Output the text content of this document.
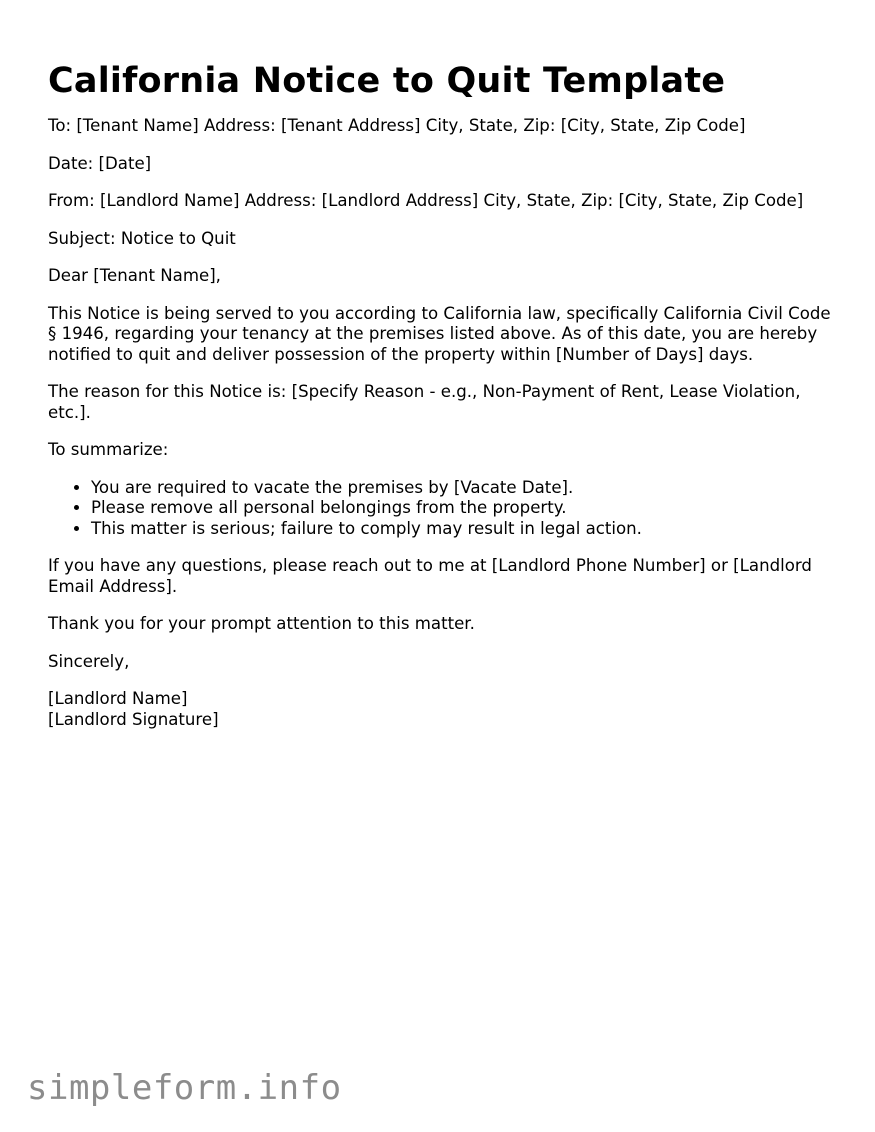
California Notice to Quit Template

To: [Tenant Name] Address: [Tenant Address] City, State, Zip: [City, State, Zip Code]

Date: [Date]

From: [Landlord Name] Address: [Landlord Address] City, State, Zip: [City, State, Zip Code]

Subject: Notice to Quit

Dear [Tenant Name],

This Notice is being served to you according to California law, specifically California Civil Code § 1946, regarding your tenancy at the premises listed above. As of this date, you are hereby notified to quit and deliver possession of the property within [Number of Days] days.

The reason for this Notice is: [Specify Reason - e.g., Non-Payment of Rent, Lease Violation, etc.].

To summarize:

• You are required to vacate the premises by [Vacate Date].
• Please remove all personal belongings from the property.
• This matter is serious; failure to comply may result in legal action.

If you have any questions, please reach out to me at [Landlord Phone Number] or [Landlord Email Address].

Thank you for your prompt attention to this matter.

Sincerely,

[Landlord Name]
[Landlord Signature]

simpleform.info
